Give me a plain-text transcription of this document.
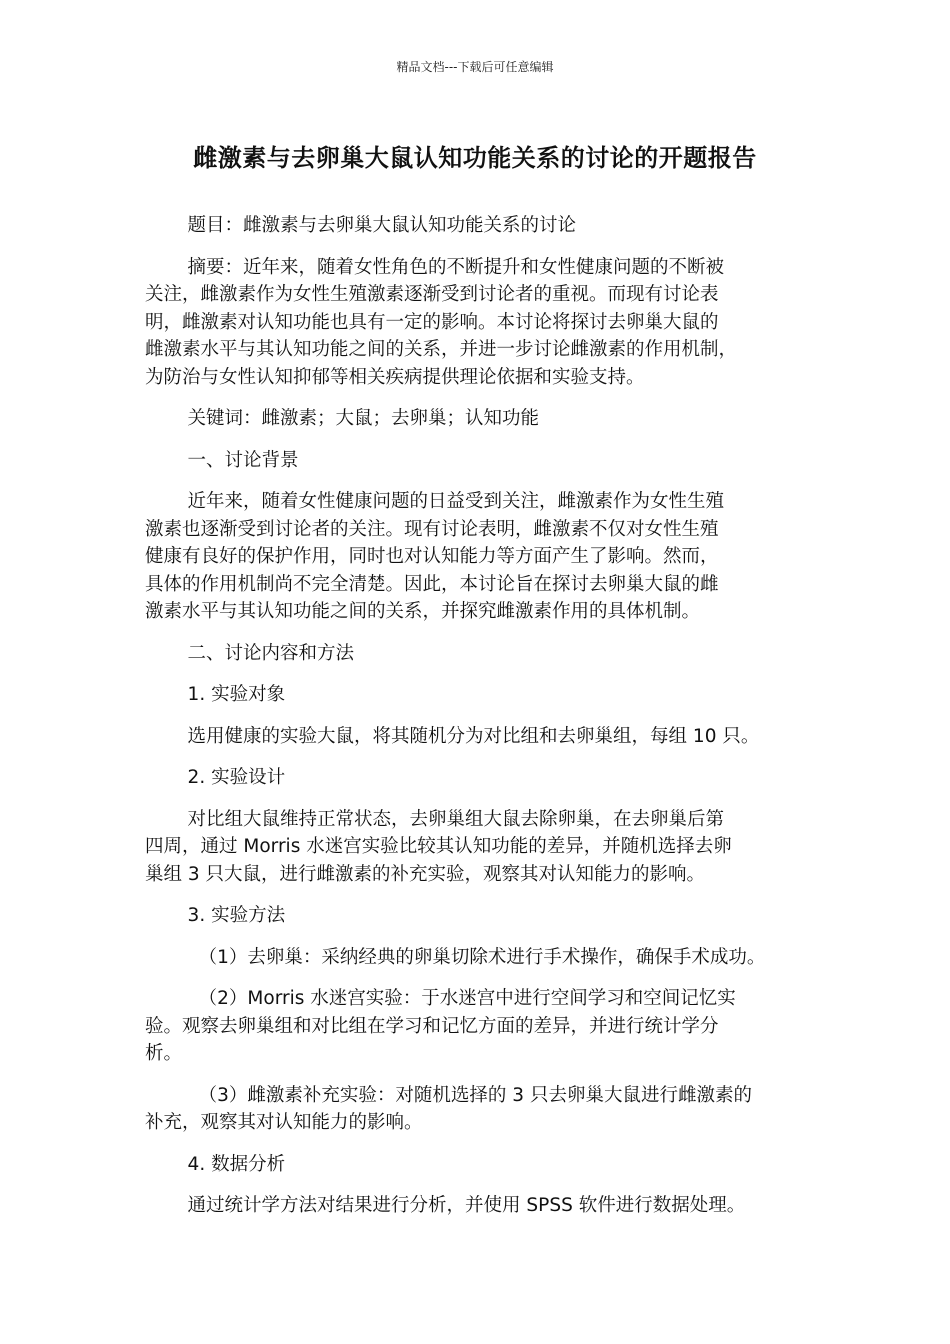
精品文档---下载后可任意编辑
雌激素与去卵巢大鼠认知功能关系的讨论的开题报告

题目：雌激素与去卵巢大鼠认知功能关系的讨论

摘要：近年来，随着女性角色的不断提升和女性健康问题的不断被
关注，雌激素作为女性生殖激素逐渐受到讨论者的重视。而现有讨论表
明，雌激素对认知功能也具有一定的影响。本讨论将探讨去卵巢大鼠的
雌激素水平与其认知功能之间的关系，并进一步讨论雌激素的作用机制，
为防治与女性认知抑郁等相关疾病提供理论依据和实验支持。

关键词：雌激素；大鼠；去卵巢；认知功能

一、讨论背景

近年来，随着女性健康问题的日益受到关注，雌激素作为女性生殖
激素也逐渐受到讨论者的关注。现有讨论表明，雌激素不仅对女性生殖
健康有良好的保护作用，同时也对认知能力等方面产生了影响。然而，
具体的作用机制尚不完全清楚。因此，本讨论旨在探讨去卵巢大鼠的雌
激素水平与其认知功能之间的关系，并探究雌激素作用的具体机制。

二、讨论内容和方法

1. 实验对象

选用健康的实验大鼠，将其随机分为对比组和去卵巢组，每组 10 只。

2. 实验设计

对比组大鼠维持正常状态，去卵巢组大鼠去除卵巢，在去卵巢后第
四周，通过 Morris 水迷宫实验比较其认知功能的差异，并随机选择去卵
巢组 3 只大鼠，进行雌激素的补充实验，观察其对认知能力的影响。

3. 实验方法

（1）去卵巢：采纳经典的卵巢切除术进行手术操作，确保手术成功。

（2）Morris 水迷宫实验：于水迷宫中进行空间学习和空间记忆实
验。观察去卵巢组和对比组在学习和记忆方面的差异，并进行统计学分
析。

（3）雌激素补充实验：对随机选择的 3 只去卵巢大鼠进行雌激素的
补充，观察其对认知能力的影响。

4. 数据分析

通过统计学方法对结果进行分析，并使用 SPSS 软件进行数据处理。
